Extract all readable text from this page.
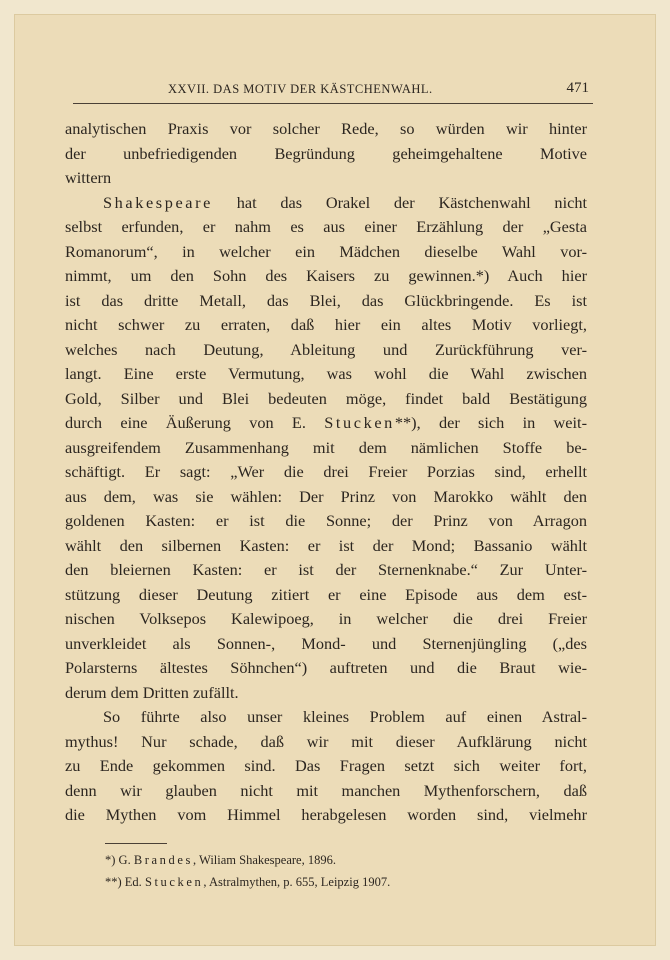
XXVII. DAS MOTIV DER KÄSTCHENWAHL.	471
analytischen Praxis vor solcher Rede, so würden wir hinter
der unbefriedigenden Begründung geheimgehaltene Motive
wittern
Shakespeare hat das Orakel der Kästchenwahl nicht
selbst erfunden, er nahm es aus einer Erzählung der „Gesta
Romanorum“, in welcher ein Mädchen dieselbe Wahl vor-
nimmt, um den Sohn des Kaisers zu gewinnen.*) Auch hier
ist das dritte Metall, das Blei, das Glückbringende. Es ist
nicht schwer zu erraten, daß hier ein altes Motiv vorliegt,
welches nach Deutung, Ableitung und Zurückführung ver-
langt. Eine erste Vermutung, was wohl die Wahl zwischen
Gold, Silber und Blei bedeuten möge, findet bald Bestätigung
durch eine Äußerung von E. Stucken**), der sich in weit-
ausgreifendem Zusammenhang mit dem nämlichen Stoffe be-
schäftigt. Er sagt: „Wer die drei Freier Porzias sind, erhellt
aus dem, was sie wählen: Der Prinz von Marokko wählt den
goldenen Kasten: er ist die Sonne; der Prinz von Arragon
wählt den silbernen Kasten: er ist der Mond; Bassanio wählt
den bleiernen Kasten: er ist der Sternenknabe.“ Zur Unter-
stützung dieser Deutung zitiert er eine Episode aus dem est-
nischen Volksepos Kalewipoeg, in welcher die drei Freier
unverkleidet als Sonnen-, Mond- und Sternenjüngling („des
Polarsterns ältestes Söhnchen“) auftreten und die Braut wie-
derum dem Dritten zufällt.
So führte also unser kleines Problem auf einen Astral-
mythus! Nur schade, daß wir mit dieser Aufklärung nicht
zu Ende gekommen sind. Das Fragen setzt sich weiter fort,
denn wir glauben nicht mit manchen Mythenforschern, daß
die Mythen vom Himmel herabgelesen worden sind, vielmehr
*) G. Brandes, Wiliam Shakespeare, 1896.
**) Ed. Stucken, Astralmythen, p. 655, Leipzig 1907.
